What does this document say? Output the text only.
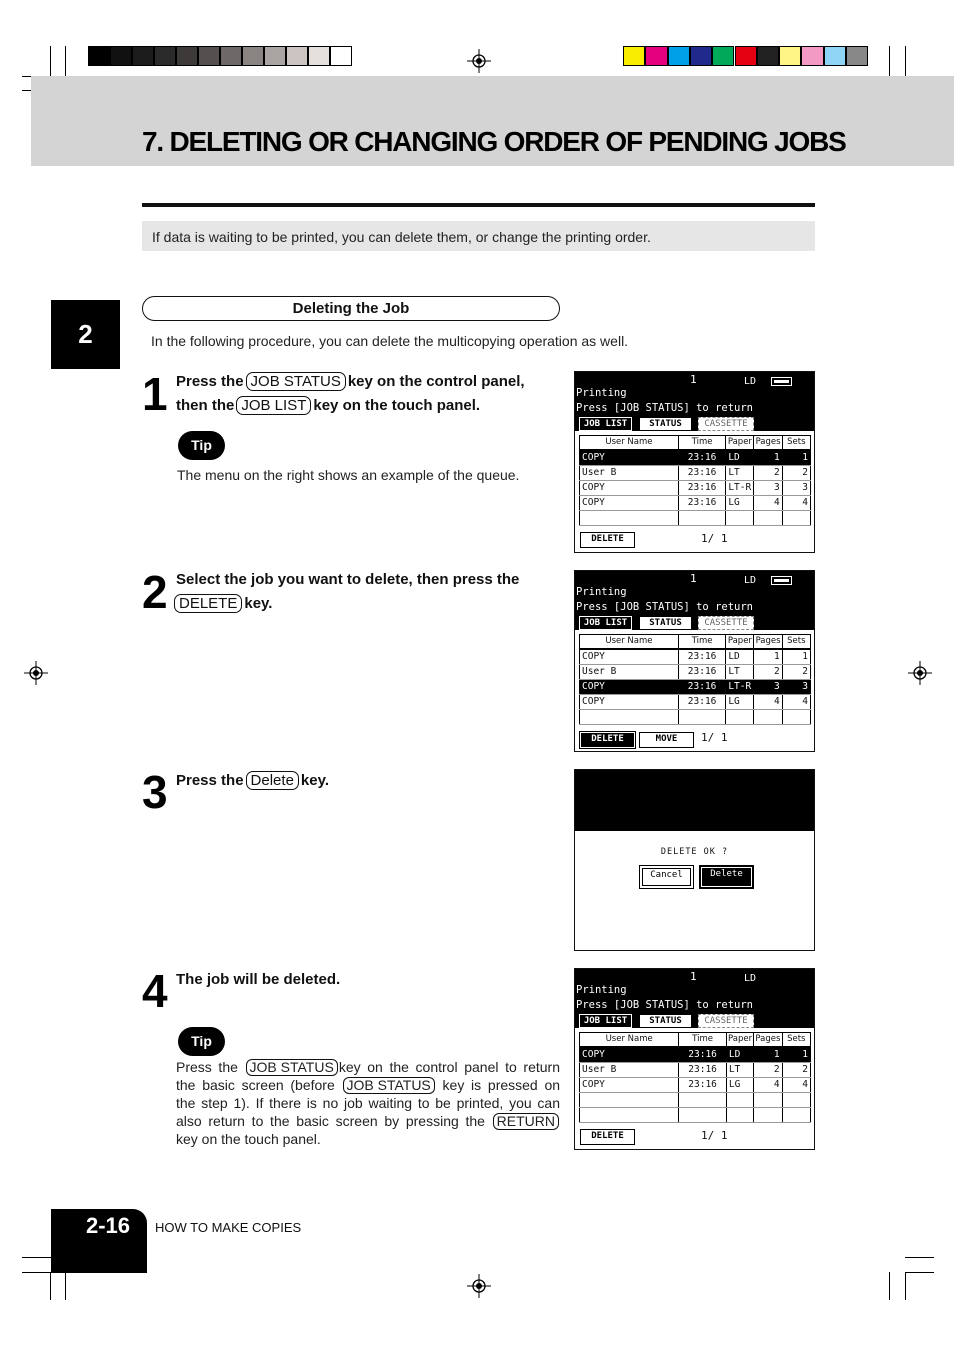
7. DELETING OR CHANGING ORDER OF PENDING JOBS
If data is waiting to be printed, you can delete them, or change the printing order.
2
Deleting the Job
In the following procedure, you can delete the multicopying operation as well.
1 Press the JOB STATUS key on the control panel,
then the JOB LIST key on the touch panel.
Tip
The menu on the right shows an example of the queue.
2 Select the job you want to delete, then press the
DELETE key.
3 Press the Delete key.
4 The job will be deleted.
Tip
Press the JOB STATUS key on the control panel to return the basic screen (before JOB STATUS key is pressed on the step 1). If there is no job waiting to be printed, you can also return to the basic screen by pressing the RETURN key on the touch panel.
1	LD
Printing
Press [JOB STATUS] to return
JOB LIST	STATUS	CASSETTE
User Name	Time	Paper	Pages	Sets
COPY	23:16	LD	1	1
User B	23:16	LT	2	2
COPY	23:16	LT-R	3	3
COPY	23:16	LG	4	4

DELETE	1/ 1
1	LD
Printing
Press [JOB STATUS] to return
JOB LIST	STATUS	CASSETTE
User Name	Time	Paper	Pages	Sets
COPY	23:16	LD	1	1
User B	23:16	LT	2	2
COPY	23:16	LT-R	3	3
COPY	23:16	LG	4	4

DELETE	MOVE	1/ 1
DELETE OK ?
Cancel	Delete
1	LD
Printing
Press [JOB STATUS] to return
JOB LIST	STATUS	CASSETTE
User Name	Time	Paper	Pages	Sets
COPY	23:16	LD	1	1
User B	23:16	LT	2	2
COPY	23:16	LG	4	4

DELETE	1/ 1
2-16 HOW TO MAKE COPIES
